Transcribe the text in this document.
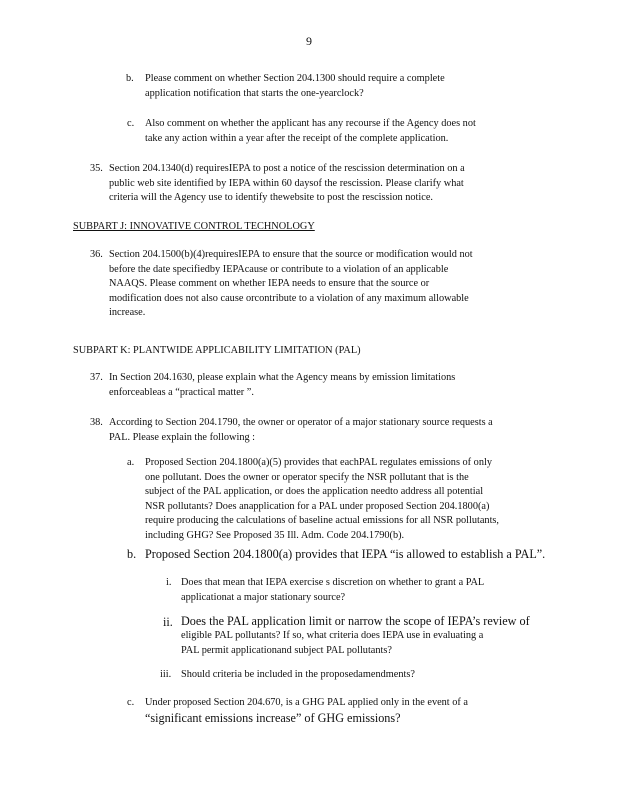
9
b. Please comment on whether Section 204.1300 should require a complete
application notification that starts the one-yearclock?
c. Also comment on whether the applicant has any recourse if the Agency does not
take any action within a year after the receipt of the complete application.
35. Section 204.1340(d) requiresIEPA to post a notice of the rescission determination on a
public web site identified by IEPA within 60 daysof the rescission. Please clarify what
criteria will the Agency use to identify thewebsite to post the rescission notice.
SUBPART J: INNOVATIVE CONTROL TECHNOLOGY
36. Section 204.1500(b)(4)requiresIEPA to ensure that the source or modification would not
before the date specifiedby IEPAcause or contribute to a violation of an applicable
NAAQS. Please comment on whether IEPA needs to ensure that the source or
modification does not also cause orcontribute to a violation of any maximum allowable
increase.
SUBPART K: PLANTWIDE APPLICABILITY LIMITATION (PAL)
37. In Section 204.1630, please explain what the Agency means by emission limitations
enforceableas a “practical matter ”.
38. According to Section 204.1790, the owner or operator of a major stationary source requests a
PAL. Please explain the following :
a. Proposed Section 204.1800(a)(5) provides that eachPAL regulates emissions of only
one pollutant. Does the owner or operator specify the NSR pollutant that is the
subject of the PAL application, or does the application needto address all potential
NSR pollutants? Does anapplication for a PAL under proposed Section 204.1800(a)
require producing the calculations of baseline actual emissions for all NSR pollutants,
including GHG? See Proposed 35 Ill. Adm. Code 204.1790(b).
b. Proposed Section 204.1800(a) provides that IEPA “is allowed to establish a PAL”.
i. Does that mean that IEPA exercise s discretion on whether to grant a PAL
applicationat a major stationary source?
ii. Does the PAL application limit or narrow the scope of IEPA’s review of
eligible PAL pollutants? If so, what criteria does IEPA use in evaluating a
PAL permit applicationand subject PAL pollutants?
iii. Should criteria be included in the proposedamendments?
c. Under proposed Section 204.670, is a GHG PAL applied only in the event of a
“significant emissions increase” of GHG emissions?
